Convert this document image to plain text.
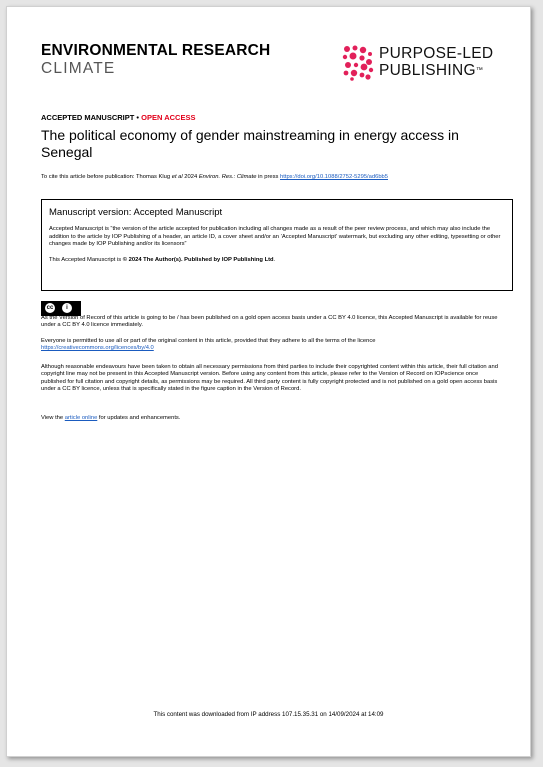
ENVIRONMENTAL RESEARCH
CLIMATE
PURPOSE-LED
PUBLISHING™
ACCEPTED MANUSCRIPT • OPEN ACCESS
The political economy of gender mainstreaming in energy access in Senegal
To cite this article before publication: Thomas Klug et al 2024 Environ. Res.: Climate in press https://doi.org/10.1088/2752-5295/ad6bb5
Manuscript version: Accepted Manuscript
Accepted Manuscript is “the version of the article accepted for publication including all changes made as a result of the peer review process, and which may also include the addition to the article by IOP Publishing of a header, an article ID, a cover sheet and/or an ‘Accepted Manuscript’ watermark, but excluding any other editing, typesetting or other changes made by IOP Publishing and/or its licensors”
This Accepted Manuscript is © 2024 The Author(s). Published by IOP Publishing Ltd.
cc	i
As the Version of Record of this article is going to be / has been published on a gold open access basis under a CC BY 4.0 licence, this Accepted Manuscript is available for reuse under a CC BY 4.0 licence immediately.
Everyone is permitted to use all or part of the original content in this article, provided that they adhere to all the terms of the licence
https://creativecommons.org/licences/by/4.0
Although reasonable endeavours have been taken to obtain all necessary permissions from third parties to include their copyrighted content within this article, their full citation and copyright line may not be present in this Accepted Manuscript version. Before using any content from this article, please refer to the Version of Record on IOPscience once published for full citation and copyright details, as permissions may be required. All third party content is fully copyright protected and is not published on a gold open access basis under a CC BY licence, unless that is specifically stated in the figure caption in the Version of Record.
View the article online for updates and enhancements.
This content was downloaded from IP address 107.15.35.31 on 14/09/2024 at 14:09
